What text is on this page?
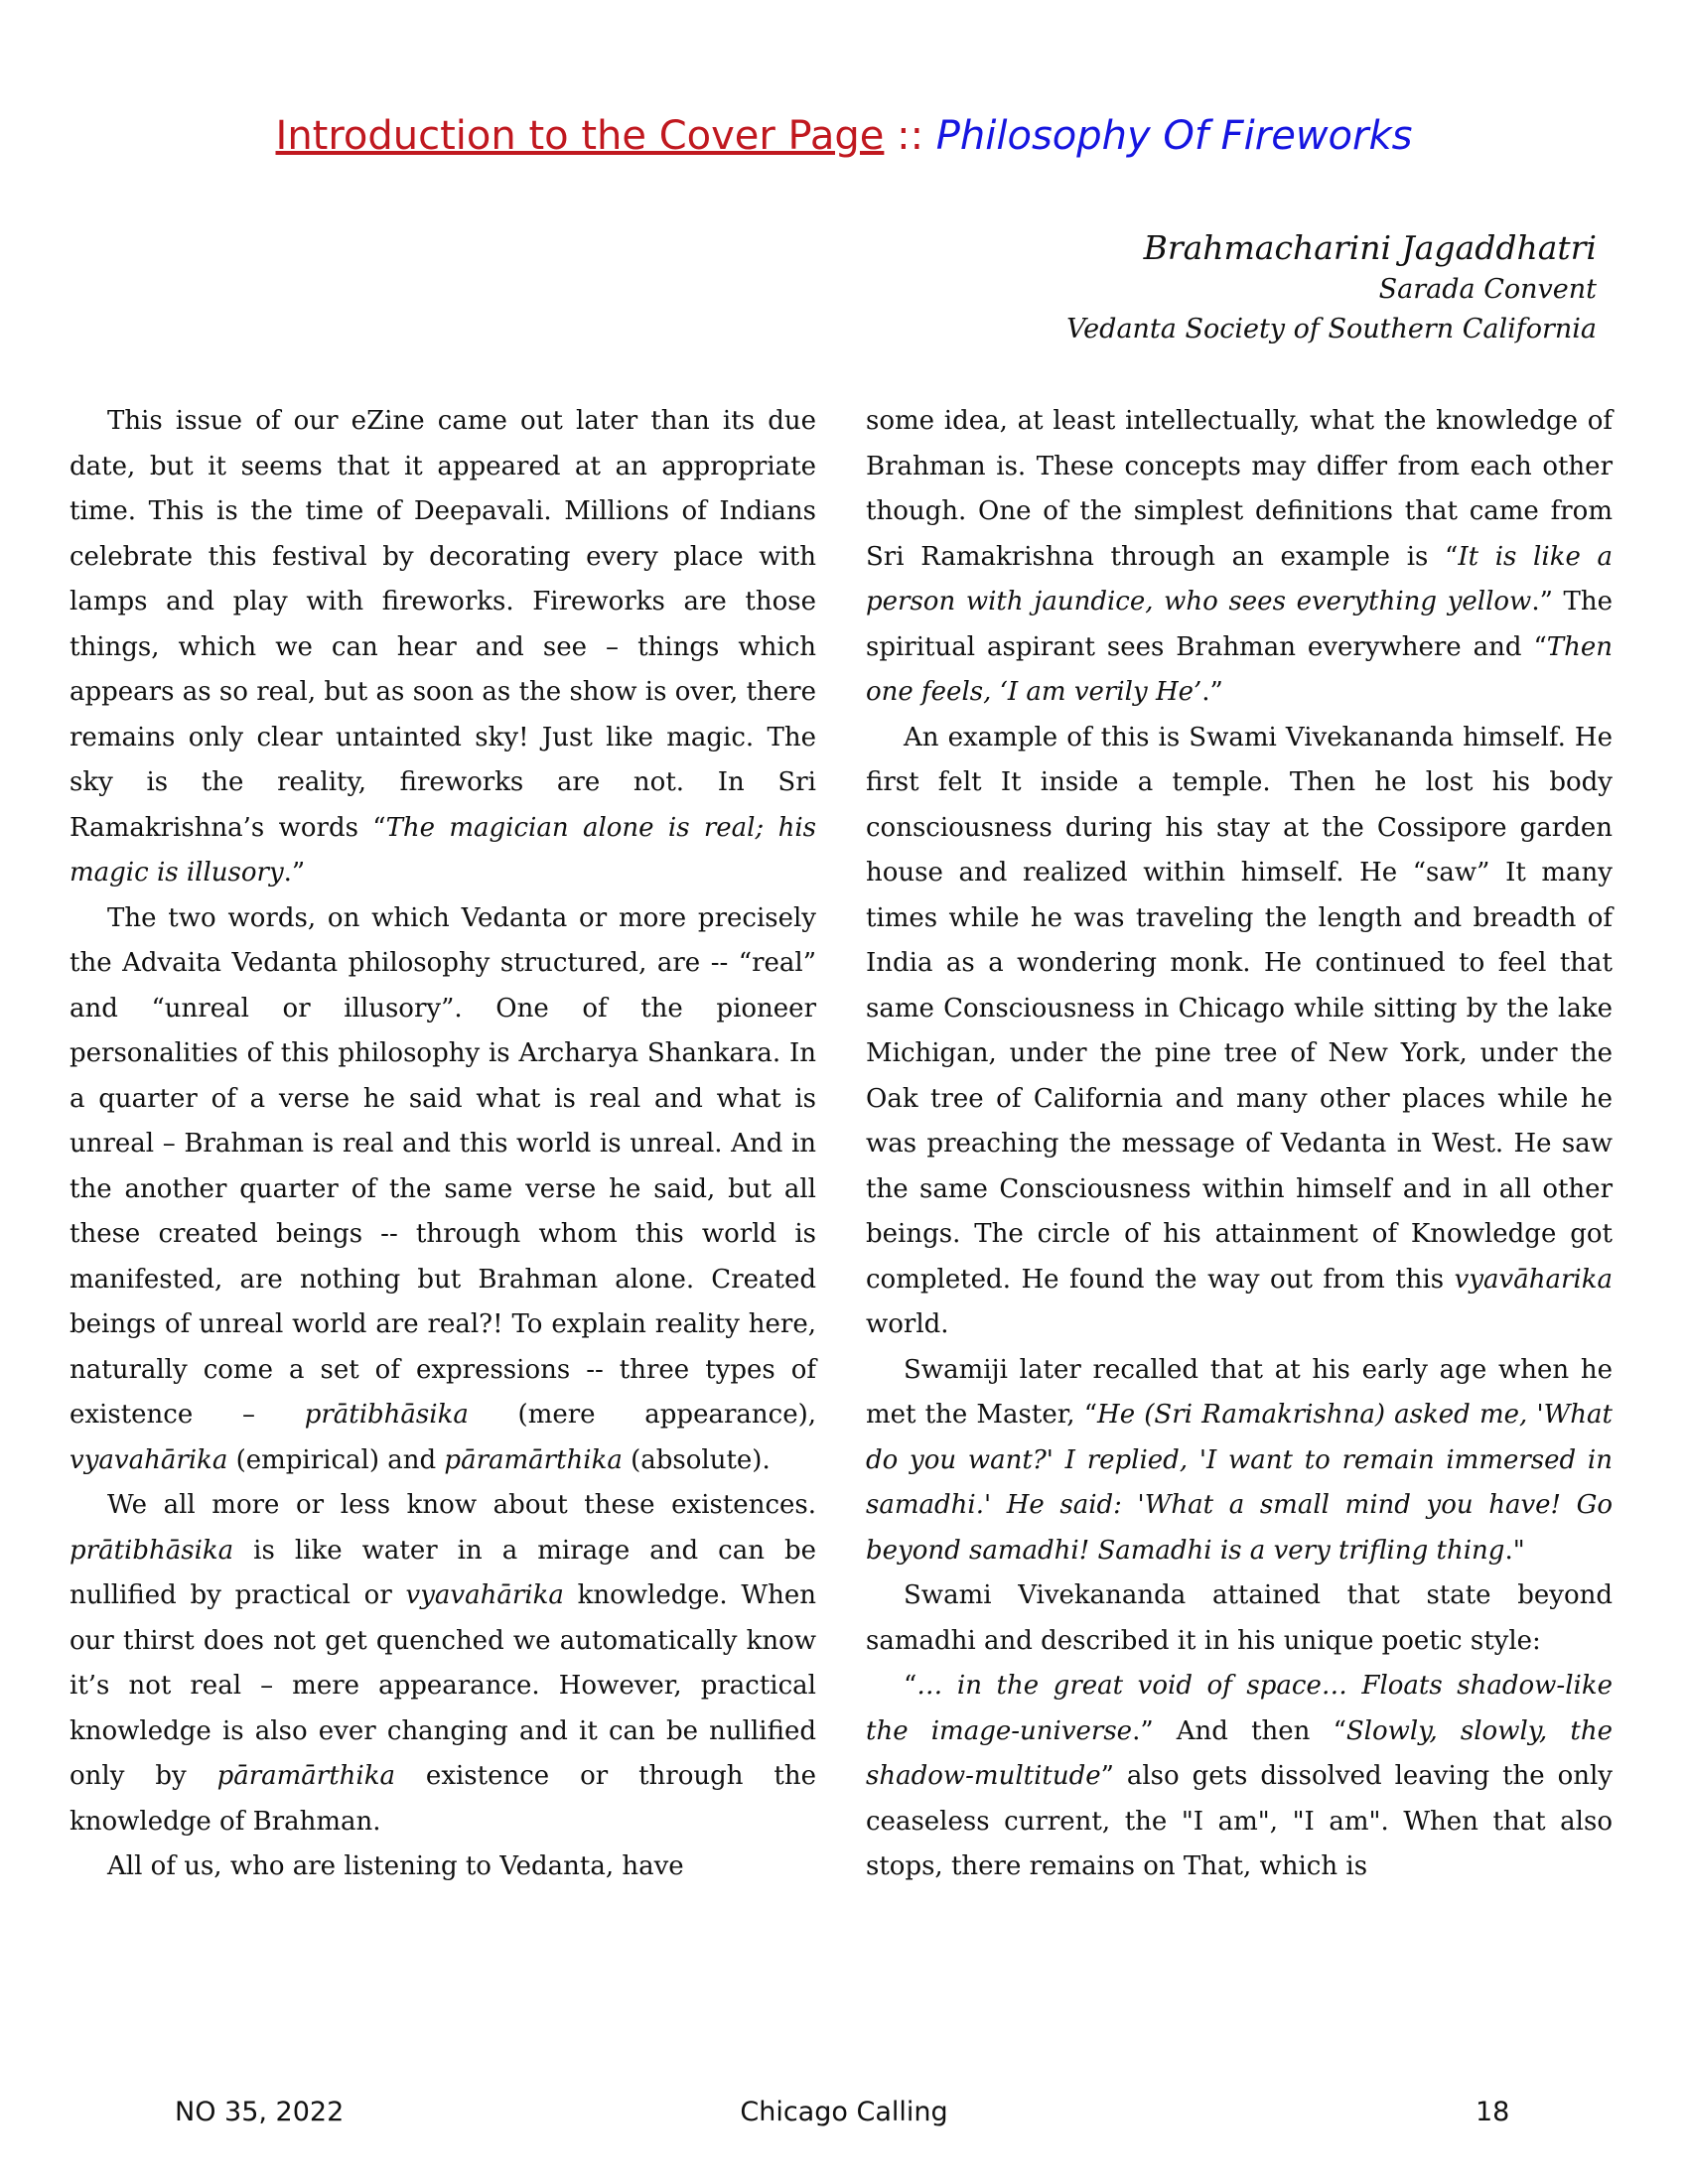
Introduction to the Cover Page :: Philosophy Of Fireworks
Brahmacharini Jagaddhatri
Sarada Convent
Vedanta Society of Southern California

This issue of our eZine came out later than its due date, but it seems that it appeared at an appropriate time. This is the time of Deepavali. Millions of Indians celebrate this festival by decorating every place with lamps and play with fireworks. Fireworks are those things, which we can hear and see – things which appears as so real, but as soon as the show is over, there remains only clear untainted sky! Just like magic. The sky is the reality, fireworks are not. In Sri Ramakrishna’s words “The magician alone is real; his magic is illusory.”

The two words, on which Vedanta or more precisely the Advaita Vedanta philosophy structured, are -- “real” and “unreal or illusory”. One of the pioneer personalities of this philosophy is Archarya Shankara. In a quarter of a verse he said what is real and what is unreal – Brahman is real and this world is unreal. And in the another quarter of the same verse he said, but all these created beings -- through whom this world is manifested, are nothing but Brahman alone. Created beings of unreal world are real?! To explain reality here, naturally come a set of expressions -- three types of existence – prātibhāsika (mere appearance), vyavahārika (empirical) and pāramārthika (absolute).

We all more or less know about these existences. prātibhāsika is like water in a mirage and can be nullified by practical or vyavahārika knowledge. When our thirst does not get quenched we automatically know it’s not real – mere appearance. However, practical knowledge is also ever changing and it can be nullified only by pāramārthika existence or through the knowledge of Brahman.

All of us, who are listening to Vedanta, have

some idea, at least intellectually, what the knowledge of Brahman is. These concepts may differ from each other though. One of the simplest definitions that came from Sri Ramakrishna through an example is “It is like a person with jaundice, who sees everything yellow.” The spiritual aspirant sees Brahman everywhere and “Then one feels, ‘I am verily He’.”

An example of this is Swami Vivekananda himself. He first felt It inside a temple. Then he lost his body consciousness during his stay at the Cossipore garden house and realized within himself. He “saw” It many times while he was traveling the length and breadth of India as a wondering monk. He continued to feel that same Consciousness in Chicago while sitting by the lake Michigan, under the pine tree of New York, under the Oak tree of California and many other places while he was preaching the message of Vedanta in West. He saw the same Consciousness within himself and in all other beings. The circle of his attainment of Knowledge got completed. He found the way out from this vyavāharika world.

Swamiji later recalled that at his early age when he met the Master, “He (Sri Ramakrishna) asked me, 'What do you want?' I replied, 'I want to remain immersed in samadhi.' He said: 'What a small mind you have! Go beyond samadhi! Samadhi is a very trifling thing."

Swami Vivekananda attained that state beyond samadhi and described it in his unique poetic style:

“… in the great void of space… Floats shadow-like the image-universe.” And then “Slowly, slowly, the shadow-multitude” also gets dissolved leaving the only ceaseless current, the "I am", "I am". When that also stops, there remains on That, which is

NO 35, 2022	Chicago Calling	18
